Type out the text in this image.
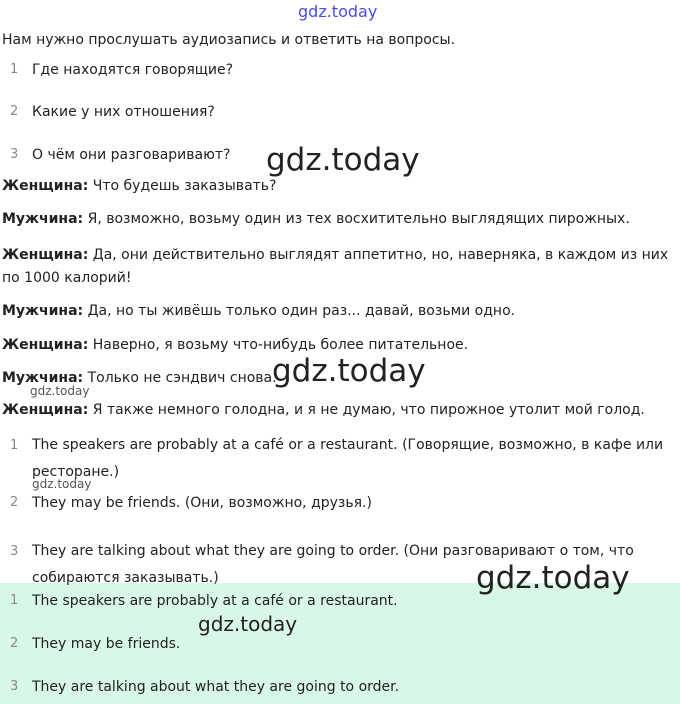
gdz.today
Нам нужно прослушать аудиозапись и ответить на вопросы.
1 Где находятся говорящие?
2 Какие у них отношения?
3 О чём они разговаривают? gdz.today
Женщина: Что будешь заказывать?
Мужчина: Я, возможно, возьму один из тех восхитительно выглядящих пирожных.
Женщина: Да, они действительно выглядят аппетитно, но, наверняка, в каждом из них по 1000 калорий!
Мужчина: Да, но ты живёшь только один раз... давай, возьми одно.
Женщина: Наверно, я возьму что-нибудь более питательное.
Мужчина: Только не сэндвич снова.
gdz.today
gdz.today
Женщина: Я также немного голодна, и я не думаю, что пирожное утолит мой голод.
1 The speakers are probably at a café or a restaurant. (Говорящие, возможно, в кафе или ресторане.)
gdz.today
2 They may be friends. (Они, возможно, друзья.)
3 They are talking about what they are going to order. (Они разговаривают о том, что собираются заказывать.)	gdz.today
1 The speakers are probably at a café or a restaurant.
gdz.today
2 They may be friends.
3 They are talking about what they are going to order.
